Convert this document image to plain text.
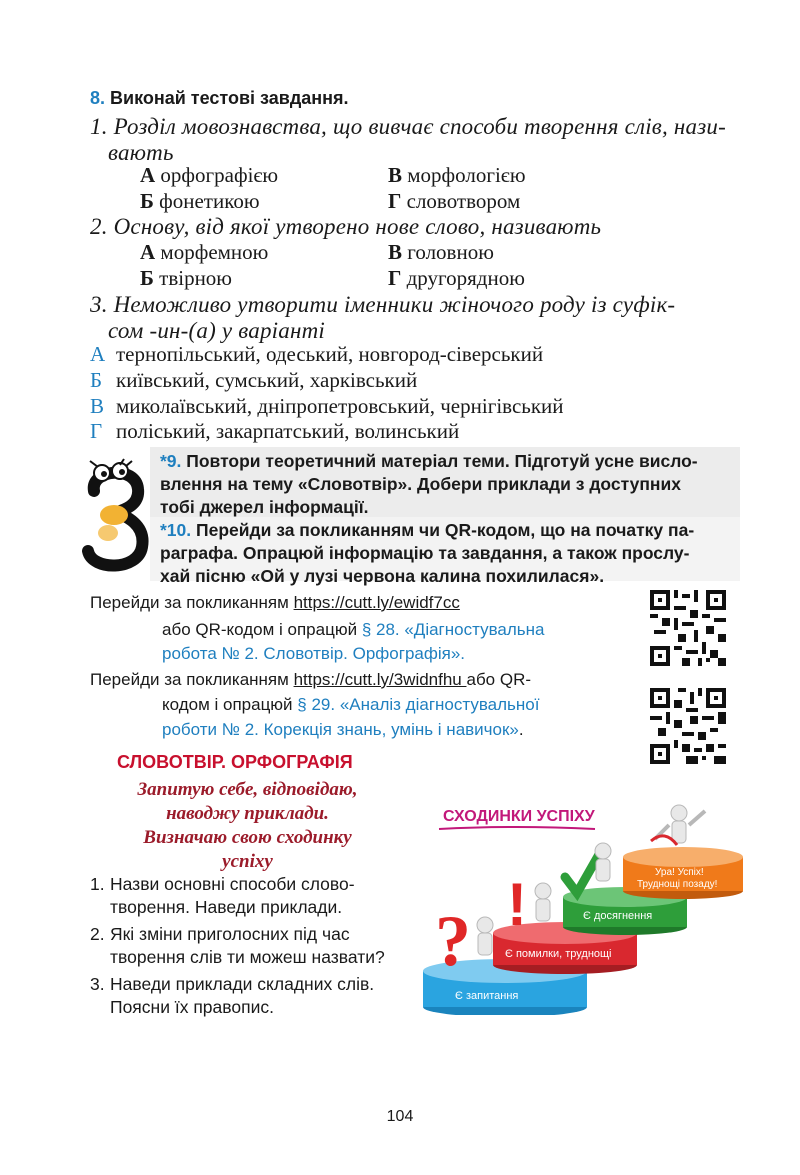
8. Виконай тестові завдання.
1. Розділ мовознавства, що вивчає способи творення слів, нази-
вають
А орфографією	В морфологією
Б фонетикою	Г словотвором
2. Основу, від якої утворено нове слово, називають
А морфемною	В головною
Б твірною	Г другорядною
3. Неможливо утворити іменники жіночого роду із суфік-
сом -ин-(а) у варіанті
А тернопільський, одеський, новгород-сіверський
Б київський, сумський, харківський
В миколаївський, дніпропетровський, чернігівський
Г поліський, закарпатський, волинський
*9. Повтори теоретичний матеріал теми. Підготуй усне висло-
влення на тему «Словотвір». Добери приклади з доступних
тобі джерел інформації.
*10. Перейди за покликанням чи QR-кодом, що на початку па-
раграфа. Опрацюй інформацію та завдання, а також прослу-
хай пісню «Ой у лузі червона калина похилилася».
Перейди за покликанням https://cutt.ly/ewidf7cc
або QR-кодом і опрацюй § 28. «Діагностувальна
робота № 2. Словотвір. Орфографія».
Перейди за покликанням https://cutt.ly/3widnfhu або QR-
кодом і опрацюй § 29. «Аналіз діагностувальної
роботи № 2. Корекція знань, умінь і навичок».
СЛОВОТВІР. ОРФОГРАФІЯ
Запитую себе, відповідаю,
наводжу приклади.
Визначаю свою сходинку
успіху
1. Назви основні способи слово-
творення. Наведи приклади.
2. Які зміни приголосних під час
творення слів ти можеш назвати?
3. Наведи приклади складних слів.
Поясни їх правопис.
СХОДИНКИ УСПІХУ
Є запитання
Є помилки, труднощі
Є досягнення
Ура! Успіх!
Труднощі позаду!
? !
104
